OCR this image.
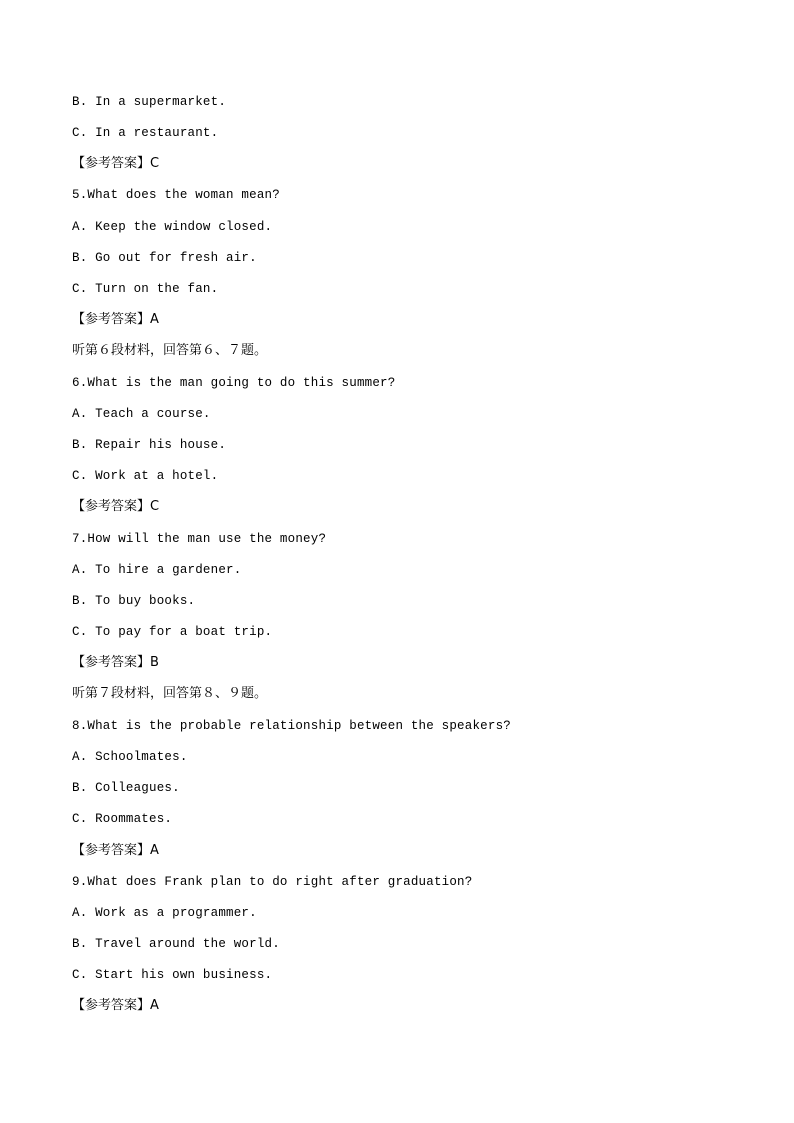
B. In a supermarket.

C. In a restaurant.

【参考答案】C

5.What does the woman mean?

A. Keep the window closed.

B. Go out for fresh air.

C. Turn on the fan.

【参考答案】A

听第６段材料，回答第６、７题。

6.What is the man going to do this summer?

A. Teach a course.

B. Repair his house.

C. Work at a hotel.

【参考答案】C

7.How will the man use the money?

A. To hire a gardener.

B. To buy books.

C. To pay for a boat trip.

【参考答案】B

听第７段材料，回答第８、９题。

8.What is the probable relationship between the speakers?

A. Schoolmates.

B. Colleagues.

C. Roommates.

【参考答案】A

9.What does Frank plan to do right after graduation?

A. Work as a programmer.

B. Travel around the world.

C. Start his own business.

【参考答案】A
